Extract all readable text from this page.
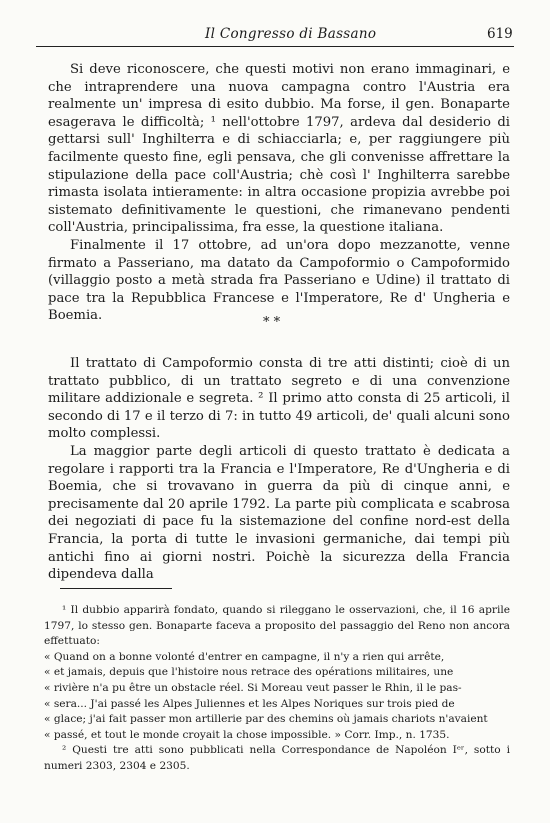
Il Congresso di Bassano	619

Si deve riconoscere, che questi motivi non erano immaginari, e che intraprendere una nuova campagna contro l'Austria era realmente un' impresa di esito dubbio. Ma forse, il gen. Bonaparte esagerava le difficoltà; ¹ nell'ottobre 1797, ardeva dal desiderio di gettarsi sull' Inghilterra e di schiacciarla; e, per raggiungere più facilmente questo fine, egli pensava, che gli convenisse affrettare la stipulazione della pace coll'Austria; chè così l' Inghilterra sarebbe rimasta isolata intieramente: in altra occasione propizia avrebbe poi sistemato definitivamente le questioni, che rimanevano pendenti coll'Austria, principalissima, fra esse, la questione italiana.

Finalmente il 17 ottobre, ad un'ora dopo mezzanotte, venne firmato a Passeriano, ma datato da Campoformio o Campoformido (villaggio posto a metà strada fra Passeriano e Udine) il trattato di pace tra la Repubblica Francese e l'Imperatore, Re d' Ungheria e Boemia.	* *

Il trattato di Campoformio consta di tre atti distinti; cioè di un trattato pubblico, di un trattato segreto e di una convenzione militare addizionale e segreta. ² Il primo atto consta di 25 articoli, il secondo di 17 e il terzo di 7: in tutto 49 articoli, de' quali alcuni sono molto complessi.

La maggior parte degli articoli di questo trattato è dedicata a regolare i rapporti tra la Francia e l'Imperatore, Re d'Ungheria e di Boemia, che si trovavano in guerra da più di cinque anni, e precisamente dal 20 aprile 1792. La parte più complicata e scabrosa dei negoziati di pace fu la sistemazione del confine nord-est della Francia, la porta di tutte le invasioni germaniche, dai tempi più antichi fino ai giorni nostri. Poichè la sicurezza della Francia dipendeva dalla

¹ Il dubbio apparirà fondato, quando si rileggano le osservazioni, che, il 16 aprile 1797, lo stesso gen. Bonaparte faceva a proposito del passaggio del Reno non ancora effettuato:

« Quand on a bonne volonté d'entrer en campagne, il n'y a rien qui arrête,
« et jamais, depuis que l'histoire nous retrace des opérations militaires, une
« rivière n'a pu être un obstacle réel. Si Moreau veut passer le Rhin, il le pas-
« sera... J'ai passé les Alpes Juliennes et les Alpes Noriques sur trois pied de
« glace; j'ai fait passer mon artillerie par des chemins où jamais chariots n'avaient
« passé, et tout le monde croyait la chose impossible. » Corr. Imp., n. 1735.

² Questi tre atti sono pubblicati nella Correspondance de Napoléon Iᵉʳ, sotto i numeri 2303, 2304 e 2305.
